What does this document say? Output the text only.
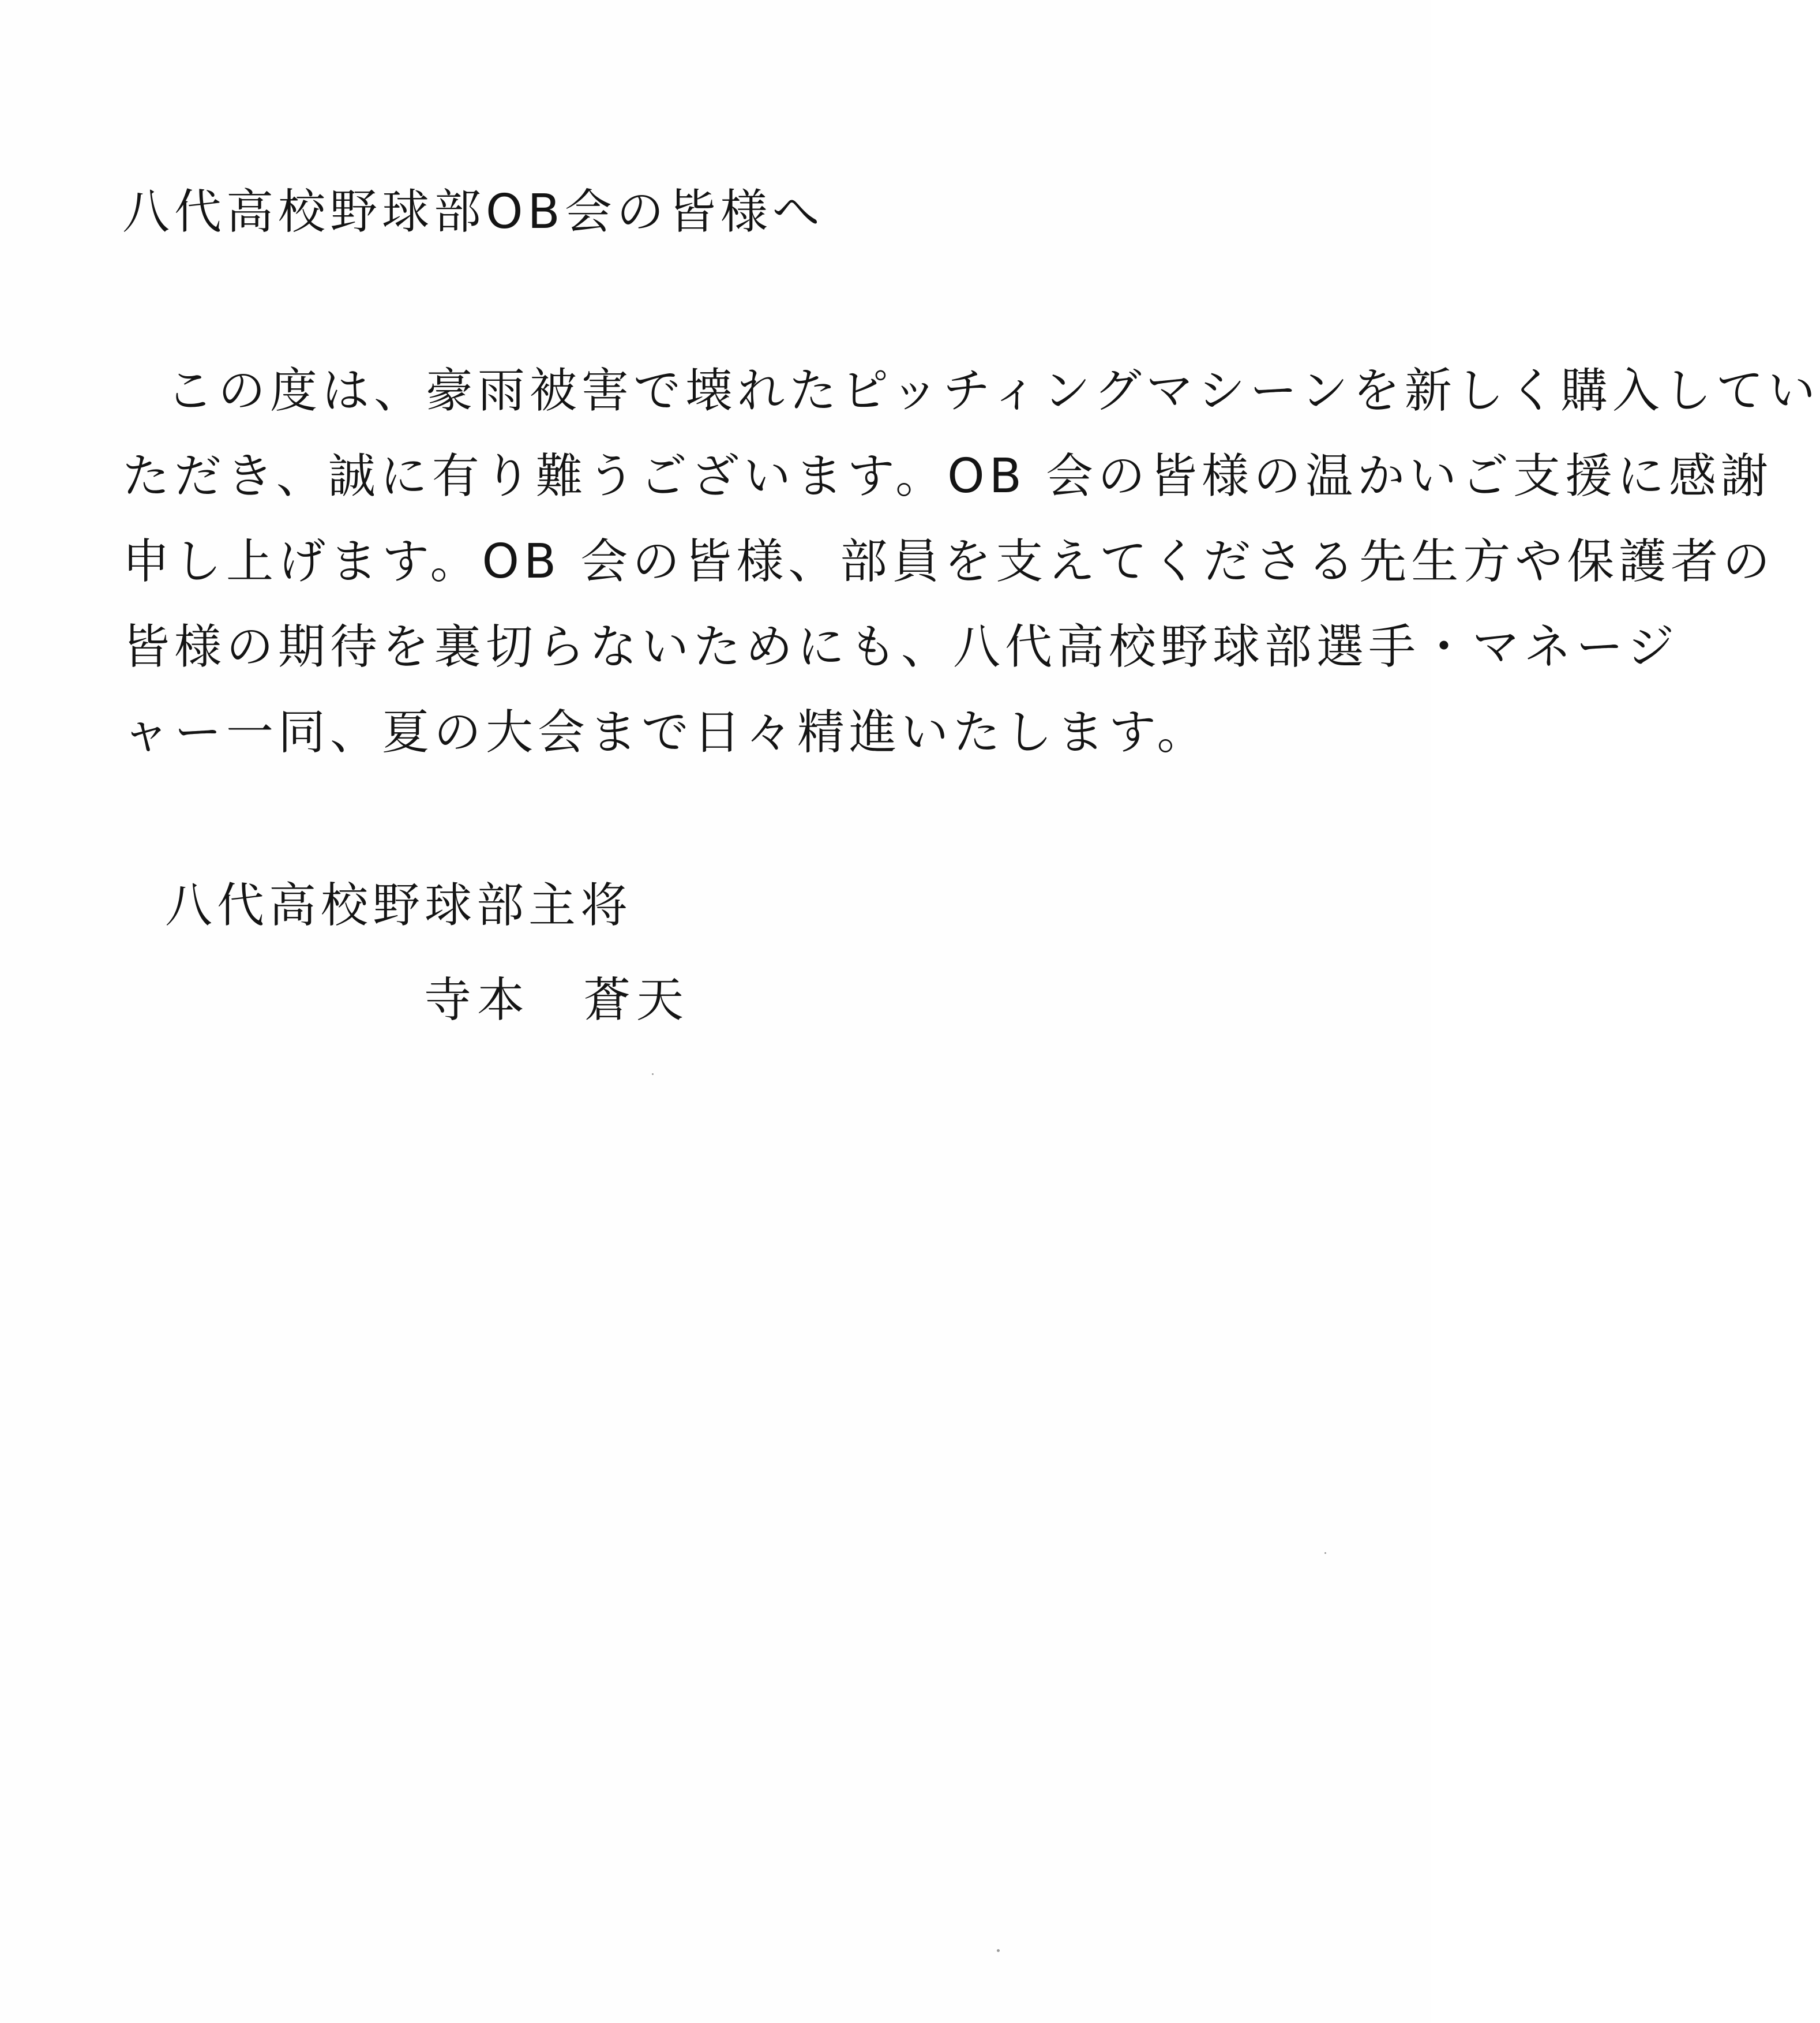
八代高校野球部OB会の皆様へ

この度は、豪雨被害で壊れたピッチィングマシーンを新しく購入してい

ただき、誠に有り難うございます。OB 会の皆様の温かいご支援に感謝

申し上げます。OB 会の皆様、部員を支えてくださる先生方や保護者の

皆様の期待を裏切らないためにも、八代高校野球部選手・マネージ

ャー一同、夏の大会まで日々精進いたします。

八代高校野球部主将

寺本　蒼天
